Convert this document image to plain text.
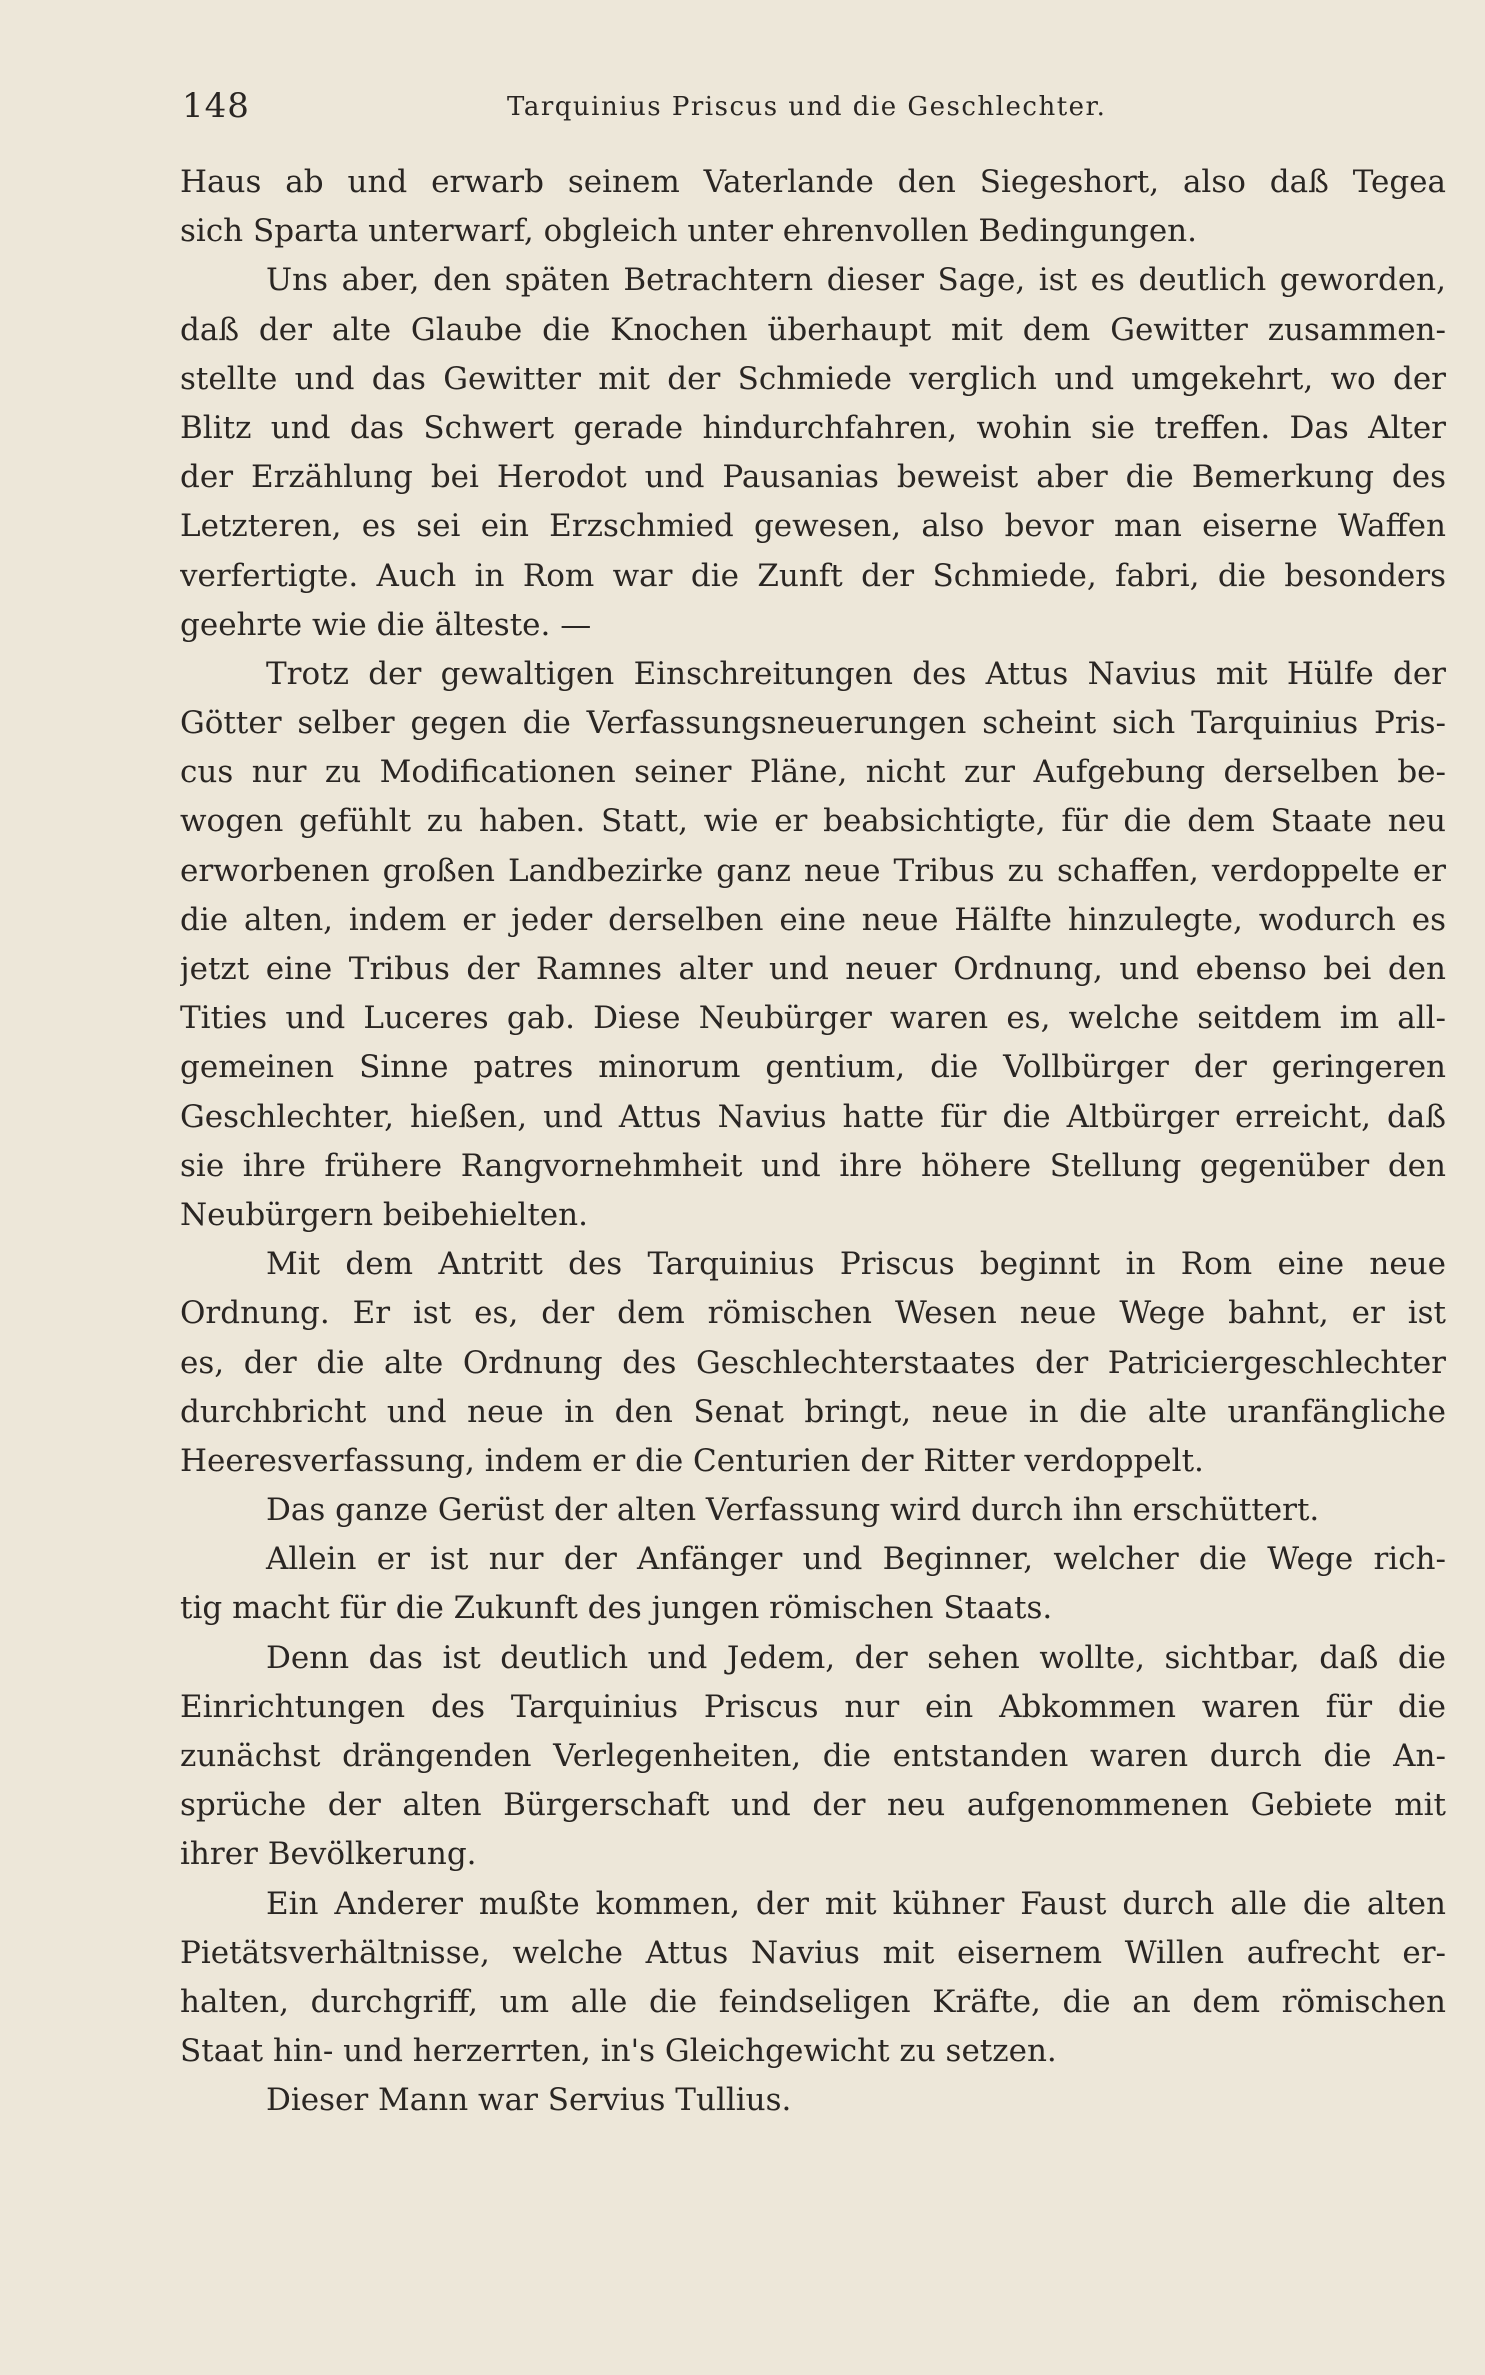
148	Tarquinius Priscus und die Geschlechter.
Haus ab und erwarb seinem Vaterlande den Siegeshort, also daß Tegea
sich Sparta unterwarf, obgleich unter ehrenvollen Bedingungen.
Uns aber, den späten Betrachtern dieser Sage, ist es deutlich geworden,
daß der alte Glaube die Knochen überhaupt mit dem Gewitter zusammen-
stellte und das Gewitter mit der Schmiede verglich und umgekehrt, wo der
Blitz und das Schwert gerade hindurchfahren, wohin sie treffen. Das Alter
der Erzählung bei Herodot und Pausanias beweist aber die Bemerkung des
Letzteren, es sei ein Erzschmied gewesen, also bevor man eiserne Waffen
verfertigte. Auch in Rom war die Zunft der Schmiede, fabri, die besonders
geehrte wie die älteste. —
Trotz der gewaltigen Einschreitungen des Attus Navius mit Hülfe der
Götter selber gegen die Verfassungsneuerungen scheint sich Tarquinius Pris-
cus nur zu Modificationen seiner Pläne, nicht zur Aufgebung derselben be-
wogen gefühlt zu haben. Statt, wie er beabsichtigte, für die dem Staate neu
erworbenen großen Landbezirke ganz neue Tribus zu schaffen, verdoppelte er
die alten, indem er jeder derselben eine neue Hälfte hinzulegte, wodurch es
jetzt eine Tribus der Ramnes alter und neuer Ordnung, und ebenso bei den
Tities und Luceres gab. Diese Neubürger waren es, welche seitdem im all-
gemeinen Sinne patres minorum gentium, die Vollbürger der geringeren
Geschlechter, hießen, und Attus Navius hatte für die Altbürger erreicht, daß
sie ihre frühere Rangvornehmheit und ihre höhere Stellung gegenüber den
Neubürgern beibehielten.
Mit dem Antritt des Tarquinius Priscus beginnt in Rom eine neue
Ordnung. Er ist es, der dem römischen Wesen neue Wege bahnt, er ist
es, der die alte Ordnung des Geschlechterstaates der Patriciergeschlechter
durchbricht und neue in den Senat bringt, neue in die alte uranfängliche
Heeresverfassung, indem er die Centurien der Ritter verdoppelt.
Das ganze Gerüst der alten Verfassung wird durch ihn erschüttert.
Allein er ist nur der Anfänger und Beginner, welcher die Wege rich-
tig macht für die Zukunft des jungen römischen Staats.
Denn das ist deutlich und Jedem, der sehen wollte, sichtbar, daß die
Einrichtungen des Tarquinius Priscus nur ein Abkommen waren für die
zunächst drängenden Verlegenheiten, die entstanden waren durch die An-
sprüche der alten Bürgerschaft und der neu aufgenommenen Gebiete mit
ihrer Bevölkerung.
Ein Anderer mußte kommen, der mit kühner Faust durch alle die alten
Pietätsverhältnisse, welche Attus Navius mit eisernem Willen aufrecht er-
halten, durchgriff, um alle die feindseligen Kräfte, die an dem römischen
Staat hin- und herzerrten, in's Gleichgewicht zu setzen.
Dieser Mann war Servius Tullius.
